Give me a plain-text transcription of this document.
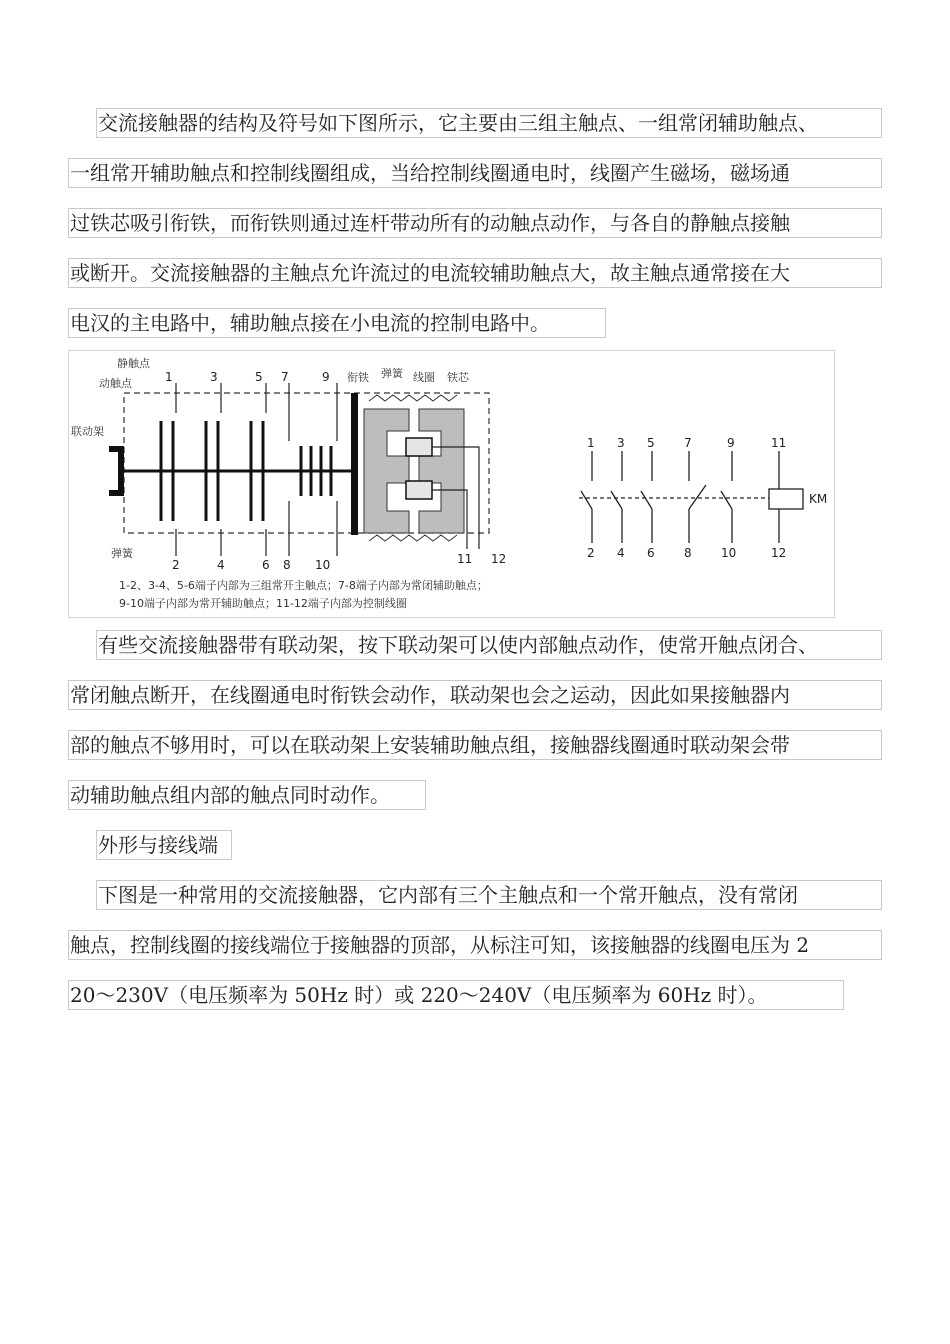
交流接触器的结构及符号如下图所示，它主要由三组主触点、一组常闭辅助触点、
一组常开辅助触点和控制线圈组成，当给控制线圈通电时，线圈产生磁场，磁场通
过铁芯吸引衔铁，而衔铁则通过连杆带动所有的动触点动作，与各自的静触点接触
或断开。交流接触器的主触点允许流过的电流较辅助触点大，故主触点通常接在大
电汉的主电路中，辅助触点接在小电流的控制电路中。
1	3	5 7	9
2	4	6 8 10	11 12
静触点
动触点
联动架
弹簧
衔铁 弹簧 线圈 铁芯
1-2、3-4、5-6端子内部为三组常开主触点；7-8端子内部为常闭辅助触点；
9-10端子内部为常开辅助触点；11-12端子内部为控制线圈
1 3 5 7	9	11
2 4 6 8 10	12
KM
有些交流接触器带有联动架，按下联动架可以使内部触点动作，使常开触点闭合、
常闭触点断开，在线圈通电时衔铁会动作，联动架也会之运动，因此如果接触器内
部的触点不够用时，可以在联动架上安装辅助触点组，接触器线圈通时联动架会带
动辅助触点组内部的触点同时动作。
外形与接线端
下图是一种常用的交流接触器，它内部有三个主触点和一个常开触点，没有常闭
触点，控制线圈的接线端位于接触器的顶部，从标注可知，该接触器的线圈电压为 2
20～230V（电压频率为 50Hz 时）或 220～240V（电压频率为 60Hz 时）。
